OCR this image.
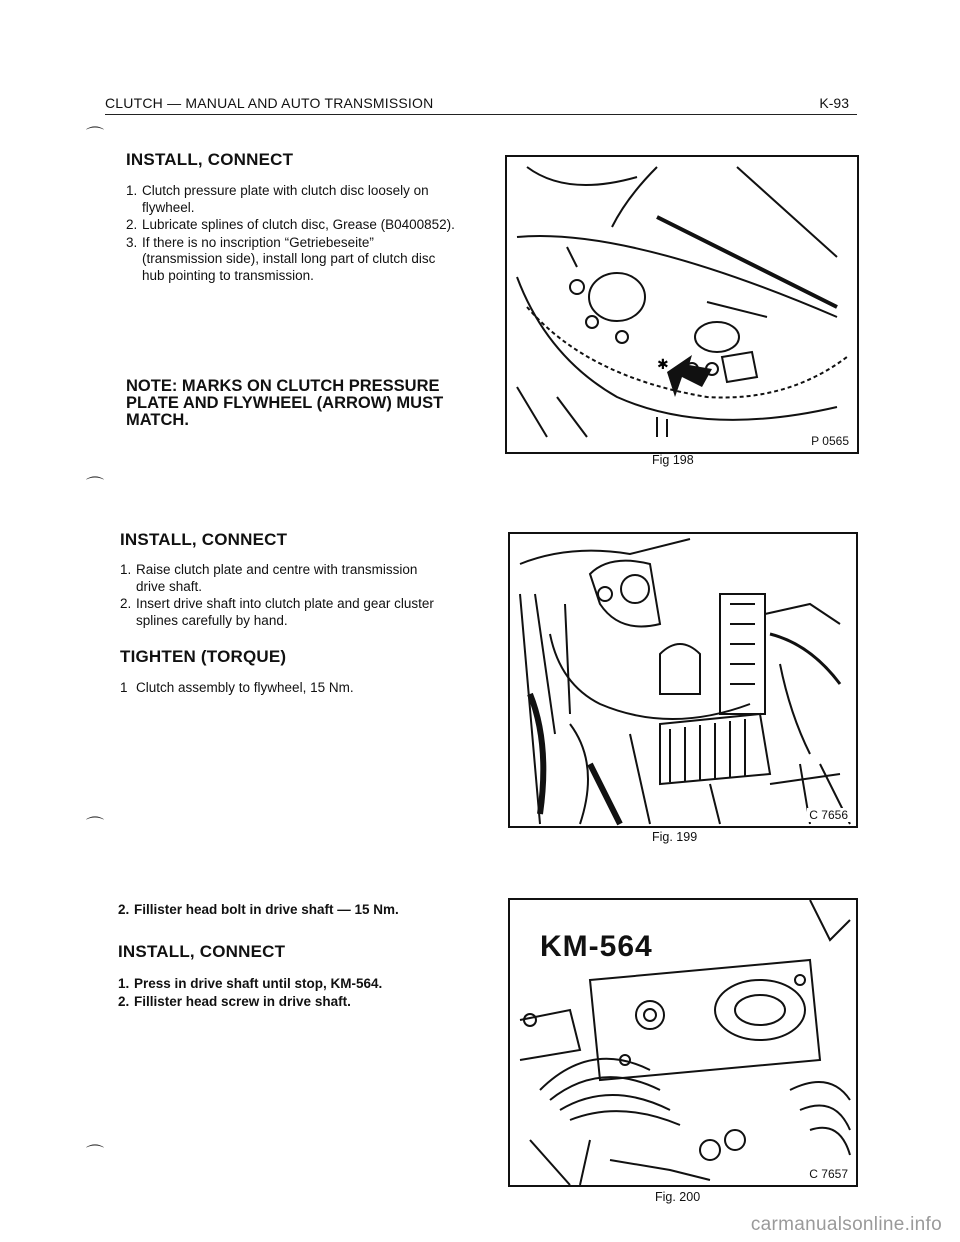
CLUTCH — MANUAL AND AUTO TRANSMISSION	K-93
⌒
⌒
⌒
⌒
INSTALL, CONNECT
1. Clutch pressure plate with clutch disc loosely on flywheel.
2. Lubricate splines of clutch disc, Grease (B0400852).
3. If there is no inscription “Getriebeseite” (transmission side), install long part of clutch disc hub pointing to transmission.
NOTE: MARKS ON CLUTCH PRESSURE PLATE AND FLYWHEEL (ARROW) MUST MATCH.
✱
P 0565
Fig 198
INSTALL, CONNECT
1. Raise clutch plate and centre with transmission drive shaft.
2. Insert drive shaft into clutch plate and gear cluster splines carefully by hand.
TIGHTEN (TORQUE)
1 Clutch assembly to flywheel, 15 Nm.
C 7656
Fig. 199
2. Fillister head bolt in drive shaft — 15 Nm.
INSTALL, CONNECT
1. Press in drive shaft until stop, KM-564.
2. Fillister head screw in drive shaft.
KM-564
C 7657
Fig. 200
carmanualsonline.info
